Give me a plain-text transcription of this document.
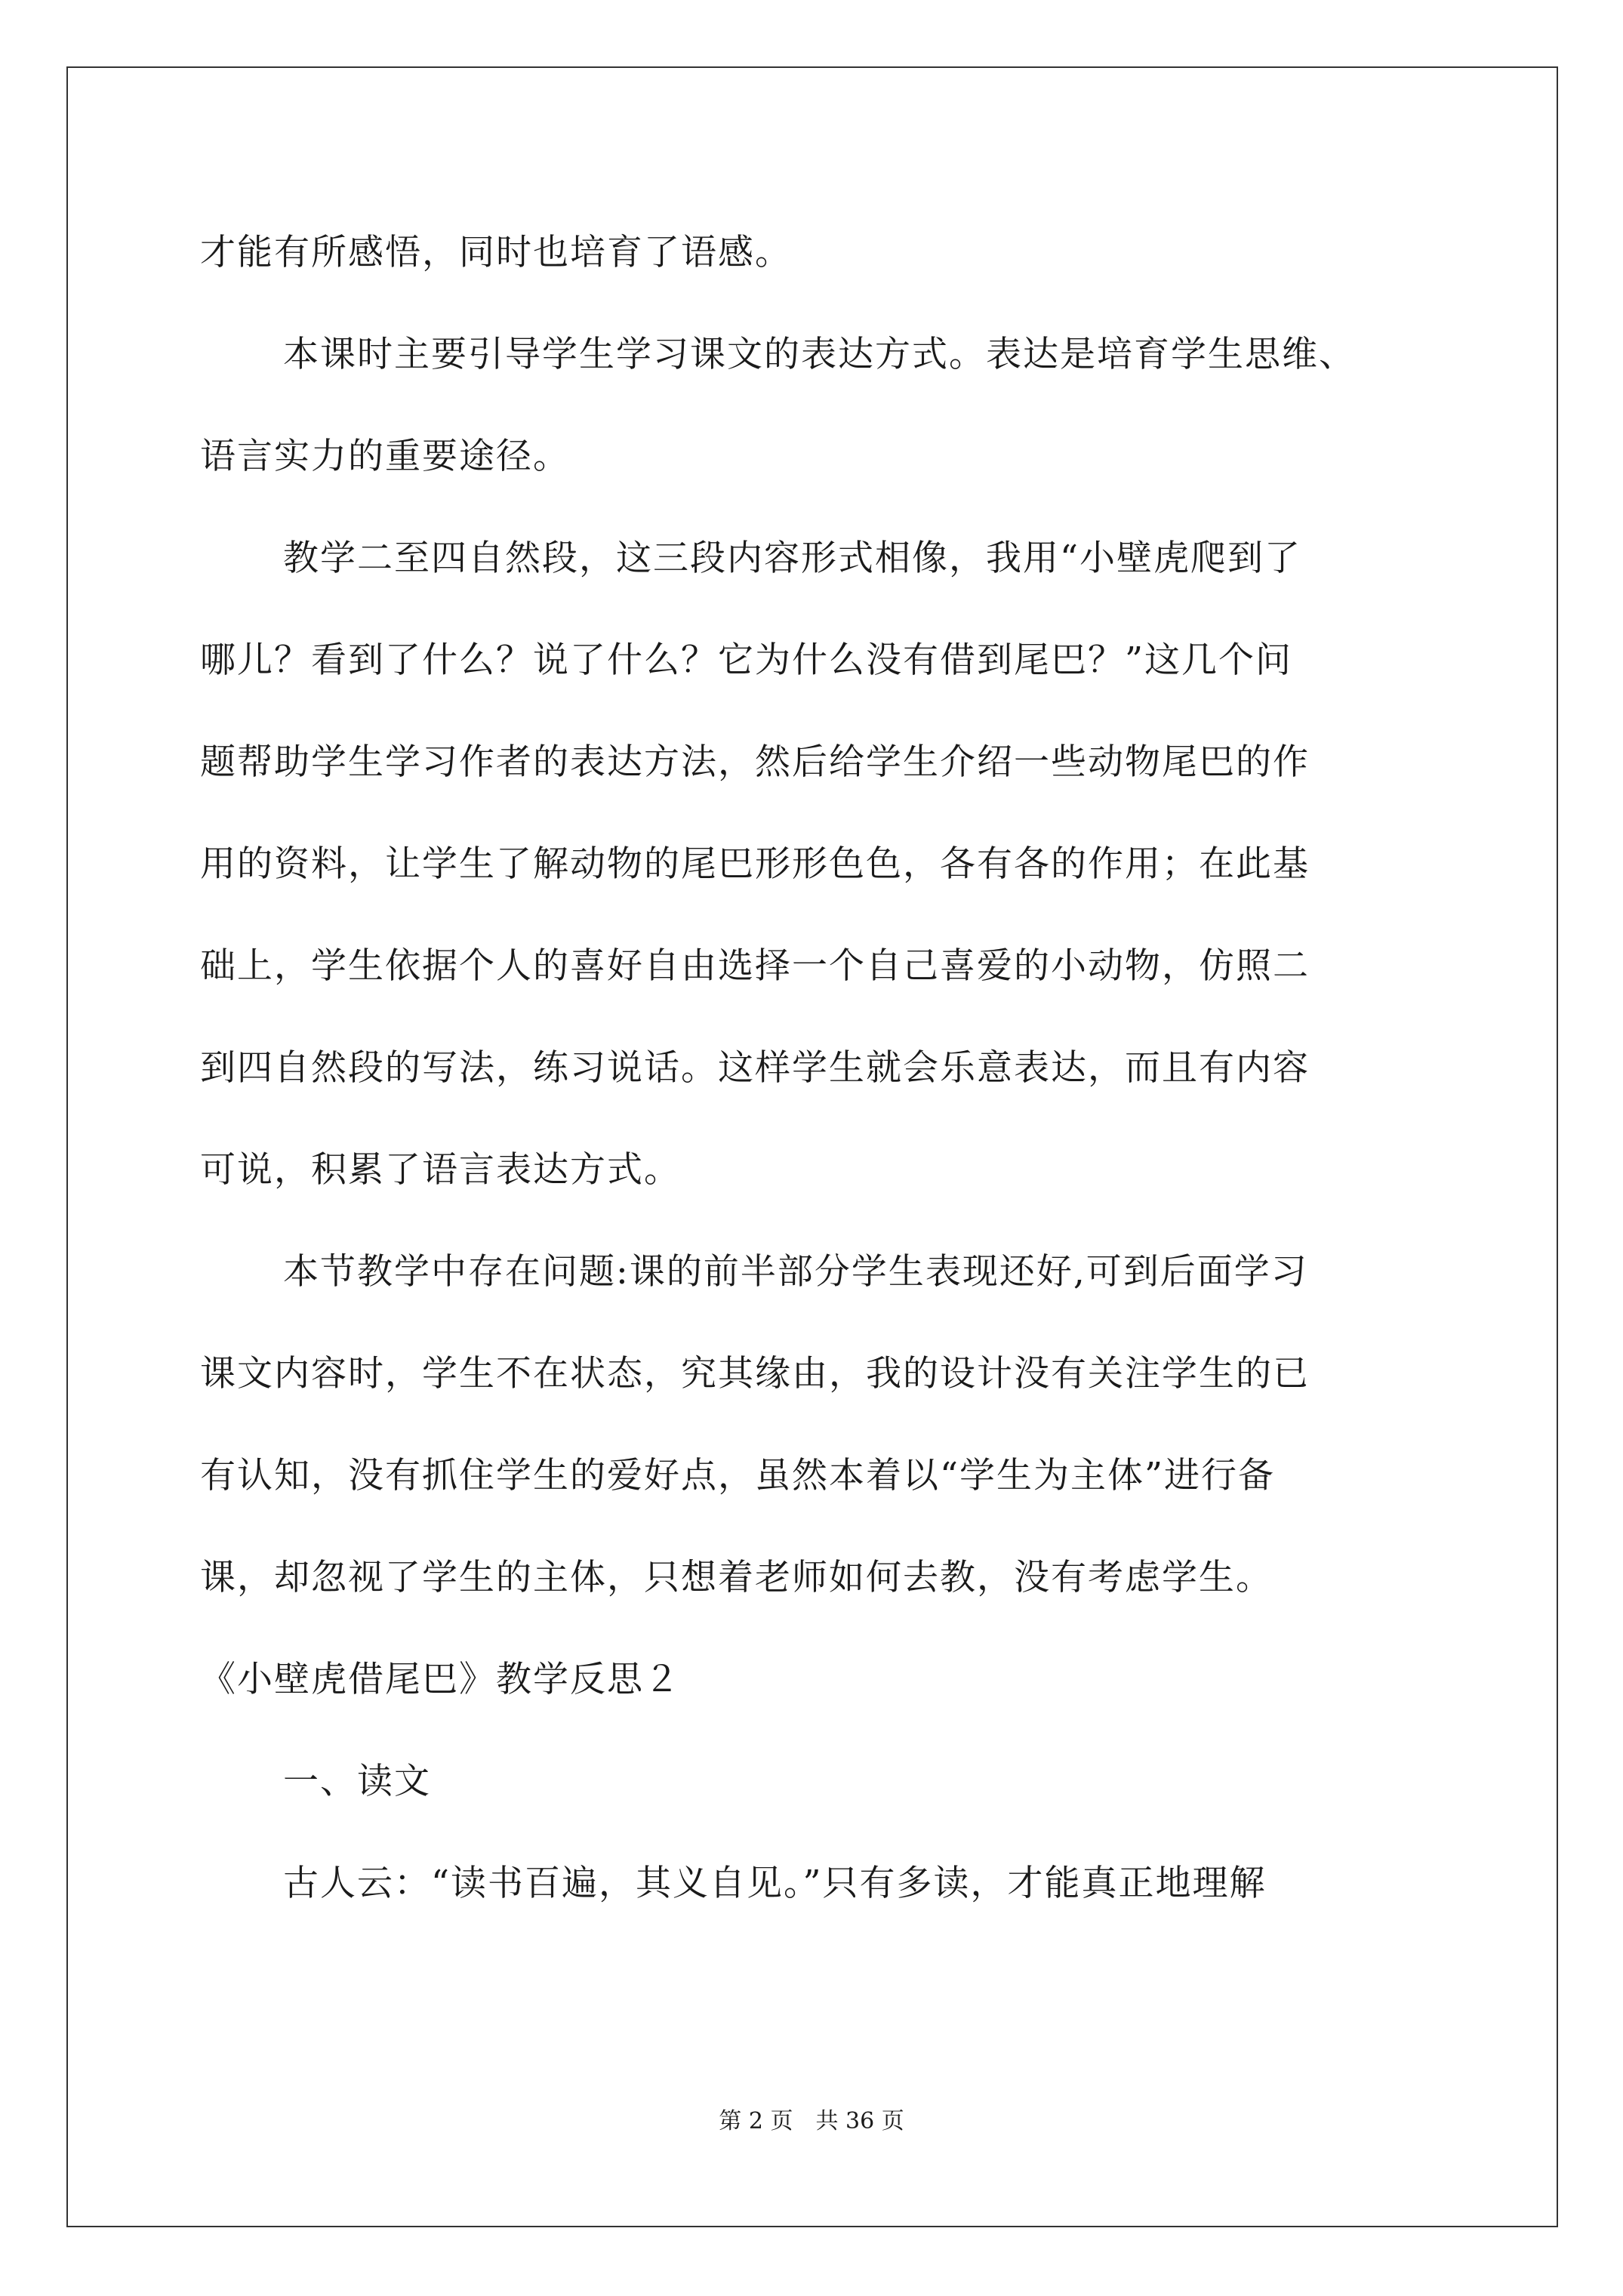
才能有所感悟，同时也培育了语感。
本课时主要引导学生学习课文的表达方式。表达是培育学生思维、
语言实力的重要途径。
教学二至四自然段，这三段内容形式相像，我用“小壁虎爬到了
哪儿？看到了什么？说了什么？它为什么没有借到尾巴？”这几个问
题帮助学生学习作者的表达方法，然后给学生介绍一些动物尾巴的作
用的资料，让学生了解动物的尾巴形形色色，各有各的作用；在此基
础上，学生依据个人的喜好自由选择一个自己喜爱的小动物，仿照二
到四自然段的写法，练习说话。这样学生就会乐意表达，而且有内容
可说，积累了语言表达方式。
本节教学中存在问题:课的前半部分学生表现还好,可到后面学习
课文内容时，学生不在状态，究其缘由，我的设计没有关注学生的已
有认知，没有抓住学生的爱好点，虽然本着以“学生为主体”进行备
课，却忽视了学生的主体，只想着老师如何去教，没有考虑学生。
《小壁虎借尾巴》教学反思２
一、读文
古人云：“读书百遍，其义自见。”只有多读，才能真正地理解
第 2 页　共 36 页
